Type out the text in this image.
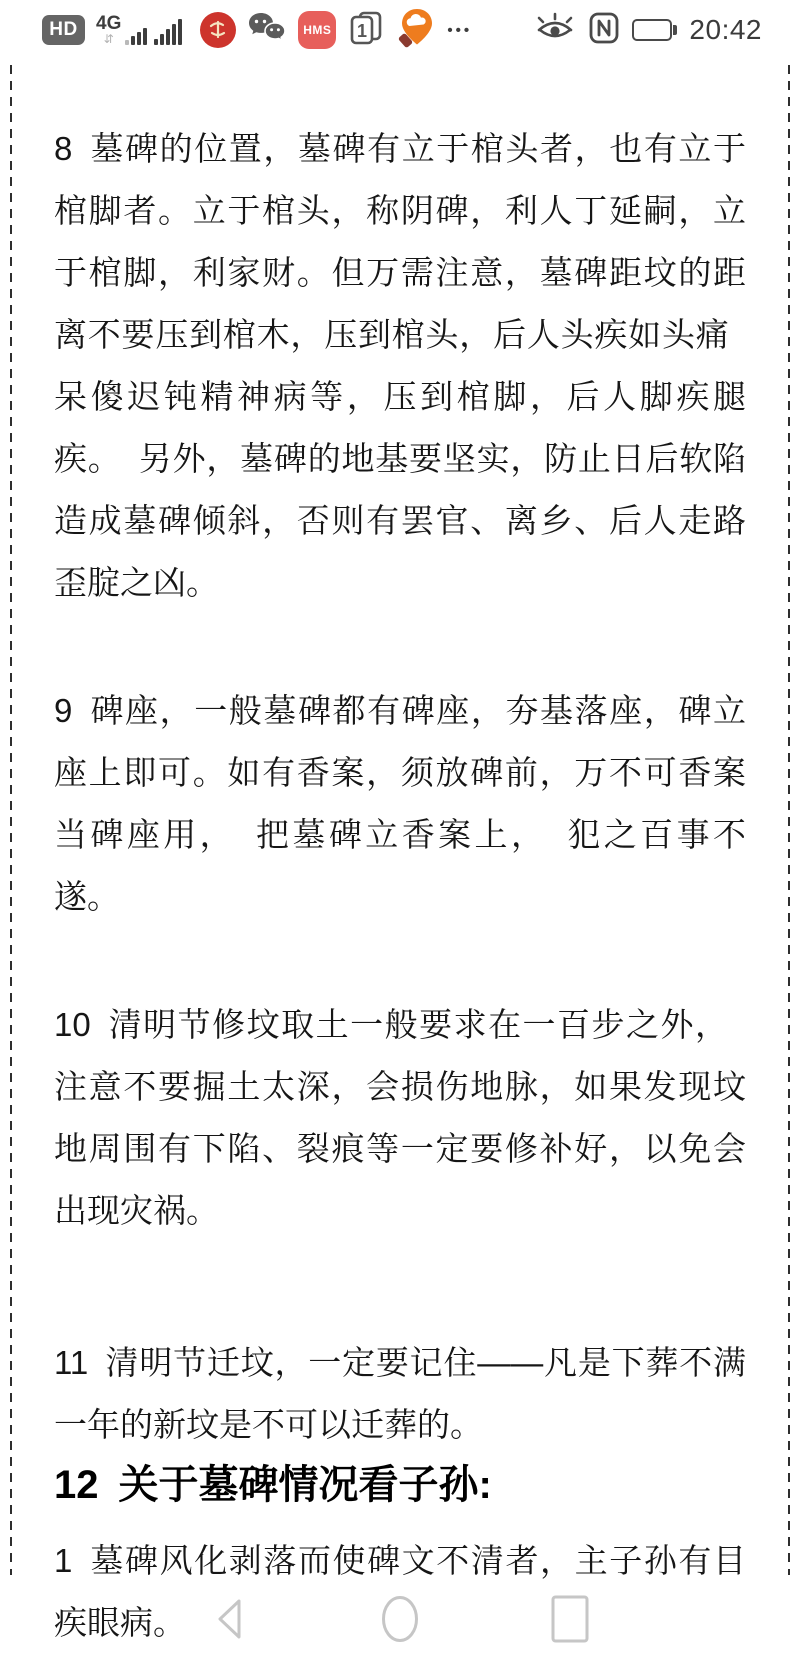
HD 4G
⇵
HMS 1	•••	20:42

8 墓碑的位置，墓碑有立于棺头者，也有立于棺脚者。立于棺头，称阴碑，利人丁延嗣，立于棺脚，利家财。但万需注意，墓碑距坟的距离不要压到棺木，压到棺头，后人头疾如头痛 呆傻迟钝精神病等，压到棺脚，后人脚疾腿疾。 另外，墓碑的地基要坚实，防止日后软陷造成墓碑倾斜，否则有罢官、离乡、后人走路歪腚之凶。

9 碑座，一般墓碑都有碑座，夯基落座，碑立座上即可。如有香案，须放碑前，万不可香案当碑座用， 把墓碑立香案上， 犯之百事不遂。

10 清明节修坟取土一般要求在一百步之外， 注意不要掘土太深，会损伤地脉，如果发现坟地周围有下陷、裂痕等一定要修补好，以免会出现灾祸。

11 清明节迁坟，一定要记住——凡是下葬不满一年的新坟是不可以迁葬的。

12 关于墓碑情况看子孙:

1 墓碑风化剥落而使碑文不清者，主子孙有目疾眼病。
